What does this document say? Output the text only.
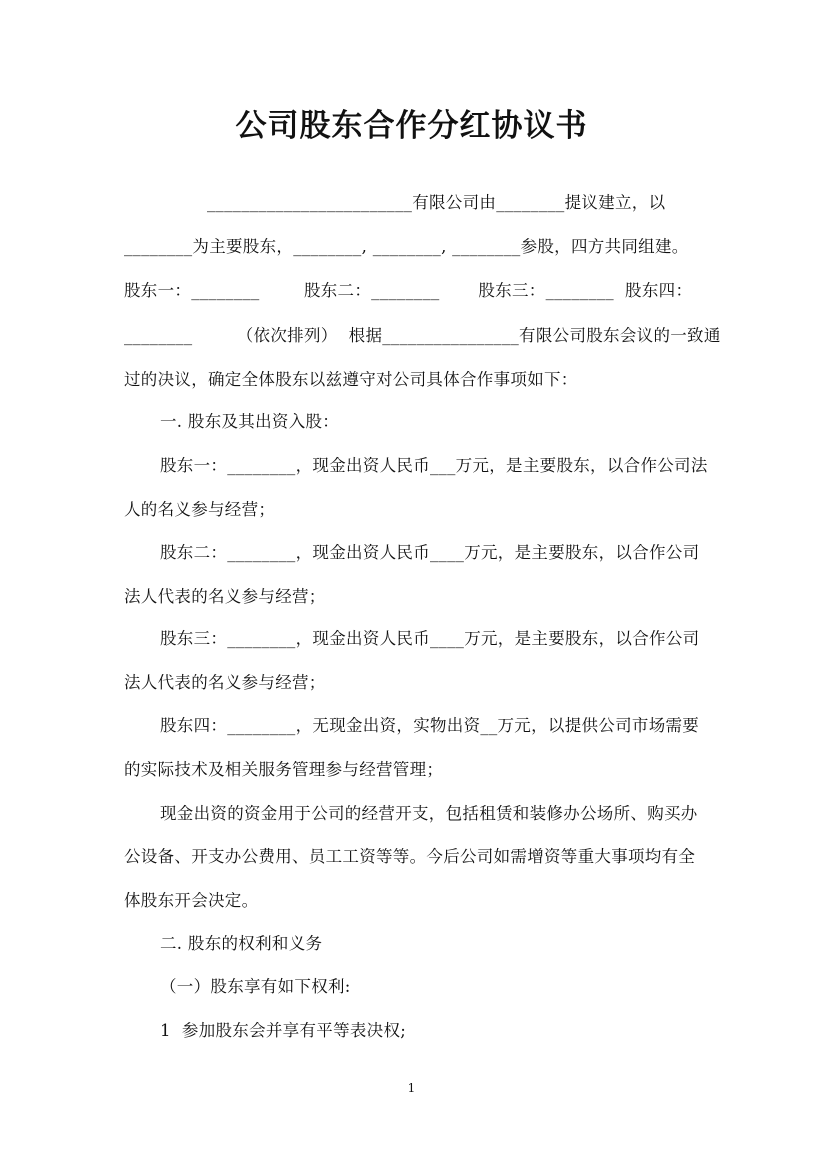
公司股东合作分红协议书
________________________有限公司由________提议建立，以
________为主要股东，________, ________, ________参股，四方共同组建。
股东一：________        股东二：________       股东三：________  股东四：
________        （依次排列）  根据________________有限公司股东会议的一致通
过的决议，确定全体股东以兹遵守对公司具体合作事项如下：
一. 股东及其出资入股：
股东一：________，现金出资人民币___万元，是主要股东，以合作公司法
人的名义参与经营；
股东二：________，现金出资人民币____万元，是主要股东，以合作公司
法人代表的名义参与经营；
股东三：________，现金出资人民币____万元，是主要股东，以合作公司
法人代表的名义参与经营；
股东四：________，无现金出资，实物出资__万元，以提供公司市场需要
的实际技术及相关服务管理参与经营管理；
现金出资的资金用于公司的经营开支，包括租赁和装修办公场所、购买办
公设备、开支办公费用、员工工资等等。今后公司如需增资等重大事项均有全
体股东开会决定。
二. 股东的权利和义务
（一）股东享有如下权利:
1  参加股东会并享有平等表决权;
1
